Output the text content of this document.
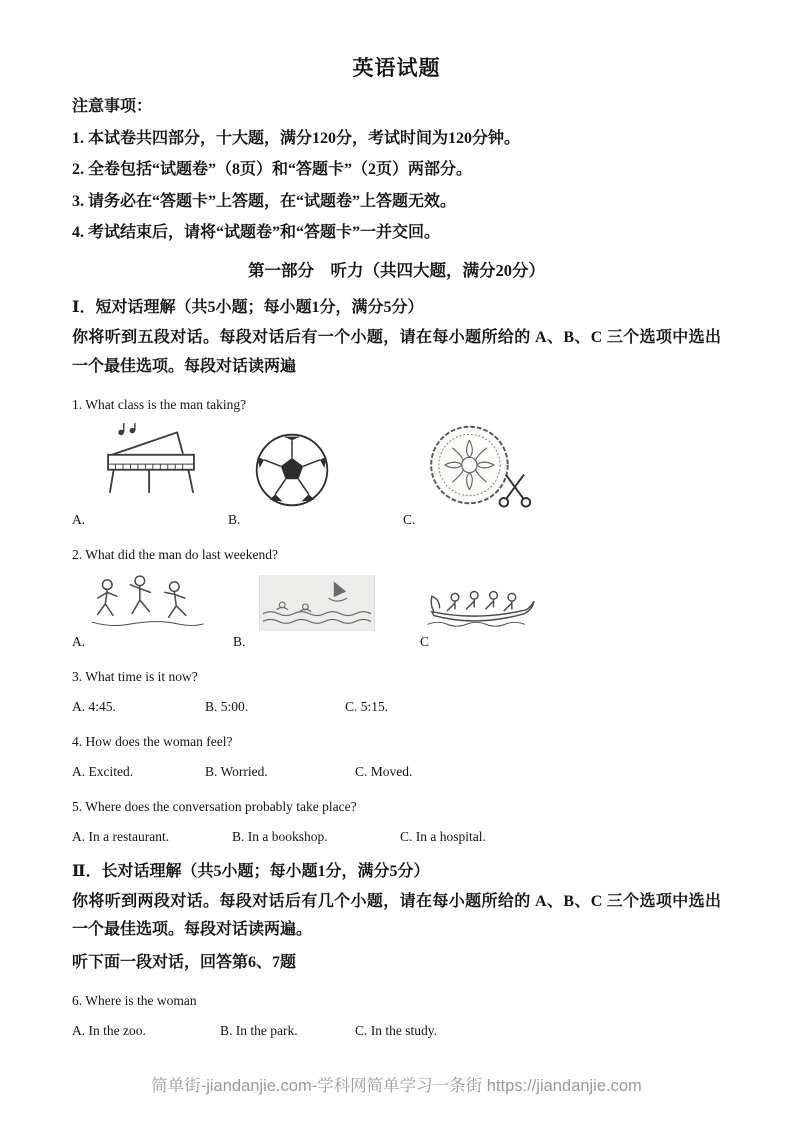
英语试题
注意事项：
1. 本试卷共四部分，十大题，满分120分，考试时间为120分钟。
2. 全卷包括“试题卷”（8页）和“答题卡”（2页）两部分。
3. 请务必在“答题卡”上答题，在“试题卷”上答题无效。
4. 考试结束后，请将“试题卷”和“答题卡”一并交回。
第一部分　听力（共四大题，满分20分）
Ⅰ．短对话理解（共5小题；每小题1分，满分5分）

你将听到五段对话。每段对话后有一个小题，请在每小题所给的 A、B、C 三个选项中选出一个最佳选项。每段对话读两遍

1. What class is the man taking?
A.	B.	C.
2. What did the man do last weekend?
A.	B.	C
3. What time is it now?
A. 4:45.	B. 5:00.	C. 5:15.
4. How does the woman feel?
A. Excited.	B. Worried.	C. Moved.
5. Where does the conversation probably take place?
A. In a restaurant.	B. In a bookshop.	C. In a hospital.
Ⅱ．长对话理解（共5小题；每小题1分，满分5分）

你将听到两段对话。每段对话后有几个小题，请在每小题所给的 A、B、C 三个选项中选出一个最佳选项。每段对话读两遍。

听下面一段对话，回答第6、7题
6. Where is the woman
A. In the zoo.	B. In the park.	C. In the study.
简单街-jiandanjie.com-学科网简单学习一条街 https://jiandanjie.com
